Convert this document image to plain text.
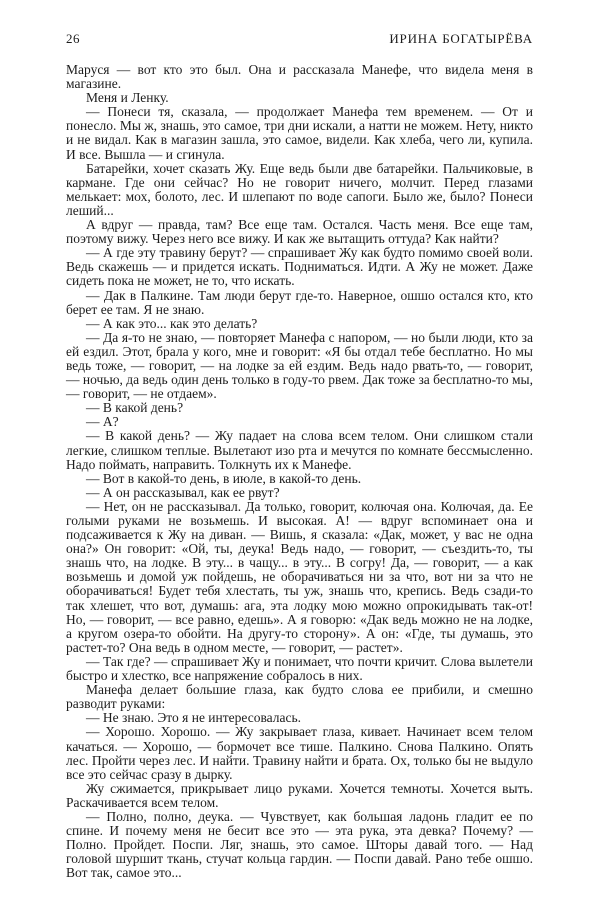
26	ИРИНА БОГАТЫРЁВА

Маруся — вот кто это был. Она и рассказала Манефе, что видела меня в магазине.

Меня и Ленку.

— Понеси тя, сказала, — продолжает Манефа тем временем. — От и понесло. Мы ж, знашь, это самое, три дни искали, а натти не можем. Нету, никто и не видал. Как в магазин зашла, это самое, видели. Как хлеба, чего ли, купила. И все. Вышла — и сгинула.

Батарейки, хочет сказать Жу. Еще ведь были две батарейки. Пальчиковые, в кармане. Где они сейчас? Но не говорит ничего, молчит. Перед глазами мелькает: мох, болото, лес. И шлепают по воде сапоги. Было же, было? Понеси леший...

А вдруг — правда, там? Все еще там. Остался. Часть меня. Все еще там, поэтому вижу. Через него все вижу. И как же вытащить оттуда? Как найти?

— А где эту травину берут? — спрашивает Жу как будто помимо своей воли. Ведь скажешь — и придется искать. Подниматься. Идти. А Жу не может. Даже сидеть пока не может, не то, что искать.

— Дак в Палкине. Там люди берут где-то. Наверное, ошшо остался кто, кто берет ее там. Я не знаю.

— А как это... как это делать?

— Да я-то не знаю, — повторяет Манефа с напором, — но были люди, кто за ей ездил. Этот, брала у кого, мне и говорит: «Я бы отдал тебе бесплатно. Но мы ведь тоже, — говорит, — на лодке за ей ездим. Ведь надо рвать-то, — говорит, — ночью, да ведь один день только в году-то рвем. Дак тоже за бесплатно-то мы, — говорит, — не отдаем».

— В какой день?

— А?

— В какой день? — Жу падает на слова всем телом. Они слишком стали легкие, слишком теплые. Вылетают изо рта и мечутся по комнате бессмысленно. Надо поймать, направить. Толкнуть их к Манефе.

— Вот в какой-то день, в июле, в какой-то день.

— А он рассказывал, как ее рвут?

— Нет, он не рассказывал. Да только, говорит, колючая она. Колючая, да. Ее голыми руками не возьмешь. И высокая. А! — вдруг вспоминает она и подсаживается к Жу на диван. — Вишь, я сказала: «Дак, может, у вас не одна она?» Он говорит: «Ой, ты, деука! Ведь надо, — говорит, — съездить-то, ты знашь что, на лодке. В эту... в чащу... в эту... В согру! Да, — говорит, — а как возьмешь и домой уж пойдешь, не оборачиваться ни за что, вот ни за что не оборачиваться! Будет тебя хлестать, ты уж, знашь что, крепись. Ведь сзади-то так хлешет, что вот, думашь: ага, эта лодку мою можно опрокидывать так-от! Но, — говорит, — все равно, едешь». А я говорю: «Дак ведь можно не на лодке, а кругом озера-то обойти. На другу-то сторону». А он: «Где, ты думашь, это растет-то? Она ведь в одном месте, — говорит, — растет».

— Так где? — спрашивает Жу и понимает, что почти кричит. Слова вылетели быстро и хлестко, все напряжение собралось в них.

Манефа делает большие глаза, как будто слова ее прибили, и смешно разводит руками:

— Не знаю. Это я не интересовалась.

— Хорошо. Хорошо. — Жу закрывает глаза, кивает. Начинает всем телом качаться. — Хорошо, — бормочет все тише. Палкино. Снова Палкино. Опять лес. Пройти через лес. И найти. Травину найти и брата. Ох, только бы не выдуло все это сейчас сразу в дырку.

Жу сжимается, прикрывает лицо руками. Хочется темноты. Хочется выть. Раскачивается всем телом.

— Полно, полно, деука. — Чувствует, как большая ладонь гладит ее по спине. И почему меня не бесит все это — эта рука, эта девка? Почему? — Полно. Пройдет. Поспи. Ляг, знашь, это самое. Шторы давай того. — Над головой шуршит ткань, стучат кольца гардин. — Поспи давай. Рано тебе ошшо. Вот так, самое это...
